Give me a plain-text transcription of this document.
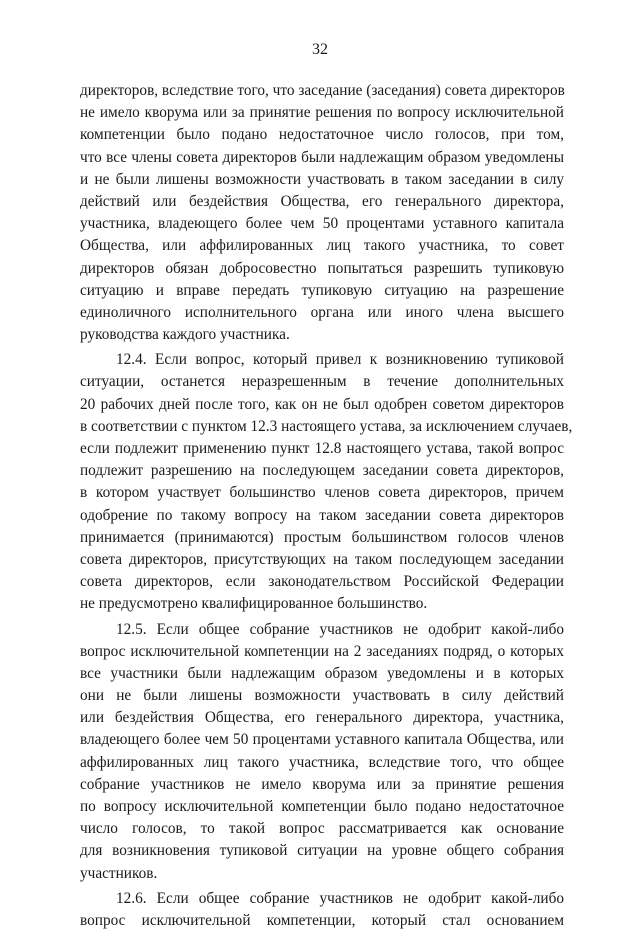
32
директоров, вследствие того, что заседание (заседания) совета директоров
не имело кворума или за принятие решения по вопросу исключительной
компетенции было подано недостаточное число голосов, при том,
что все члены совета директоров были надлежащим образом уведомлены
и не были лишены возможности участвовать в таком заседании в силу
действий или бездействия Общества, его генерального директора,
участника, владеющего более чем 50 процентами уставного капитала
Общества, или аффилированных лиц такого участника, то совет
директоров обязан добросовестно попытаться разрешить тупиковую
ситуацию и вправе передать тупиковую ситуацию на разрешение
единоличного исполнительного органа или иного члена высшего
руководства каждого участника.
12.4. Если вопрос, который привел к возникновению тупиковой
ситуации, останется неразрешенным в течение дополнительных
20 рабочих дней после того, как он не был одобрен советом директоров
в соответствии с пунктом 12.3 настоящего устава, за исключением случаев,
если подлежит применению пункт 12.8 настоящего устава, такой вопрос
подлежит разрешению на последующем заседании совета директоров,
в котором участвует большинство членов совета директоров, причем
одобрение по такому вопросу на таком заседании совета директоров
принимается (принимаются) простым большинством голосов членов
совета директоров, присутствующих на таком последующем заседании
совета директоров, если законодательством Российской Федерации
не предусмотрено квалифицированное большинство.
12.5. Если общее собрание участников не одобрит какой-либо
вопрос исключительной компетенции на 2 заседаниях подряд, о которых
все участники были надлежащим образом уведомлены и в которых
они не были лишены возможности участвовать в силу действий
или бездействия Общества, его генерального директора, участника,
владеющего более чем 50 процентами уставного капитала Общества, или
аффилированных лиц такого участника, вследствие того, что общее
собрание участников не имело кворума или за принятие решения
по вопросу исключительной компетенции было подано недостаточное
число голосов, то такой вопрос рассматривается как основание
для возникновения тупиковой ситуации на уровне общего собрания
участников.
12.6. Если общее собрание участников не одобрит какой-либо
вопрос исключительной компетенции, который стал основанием
